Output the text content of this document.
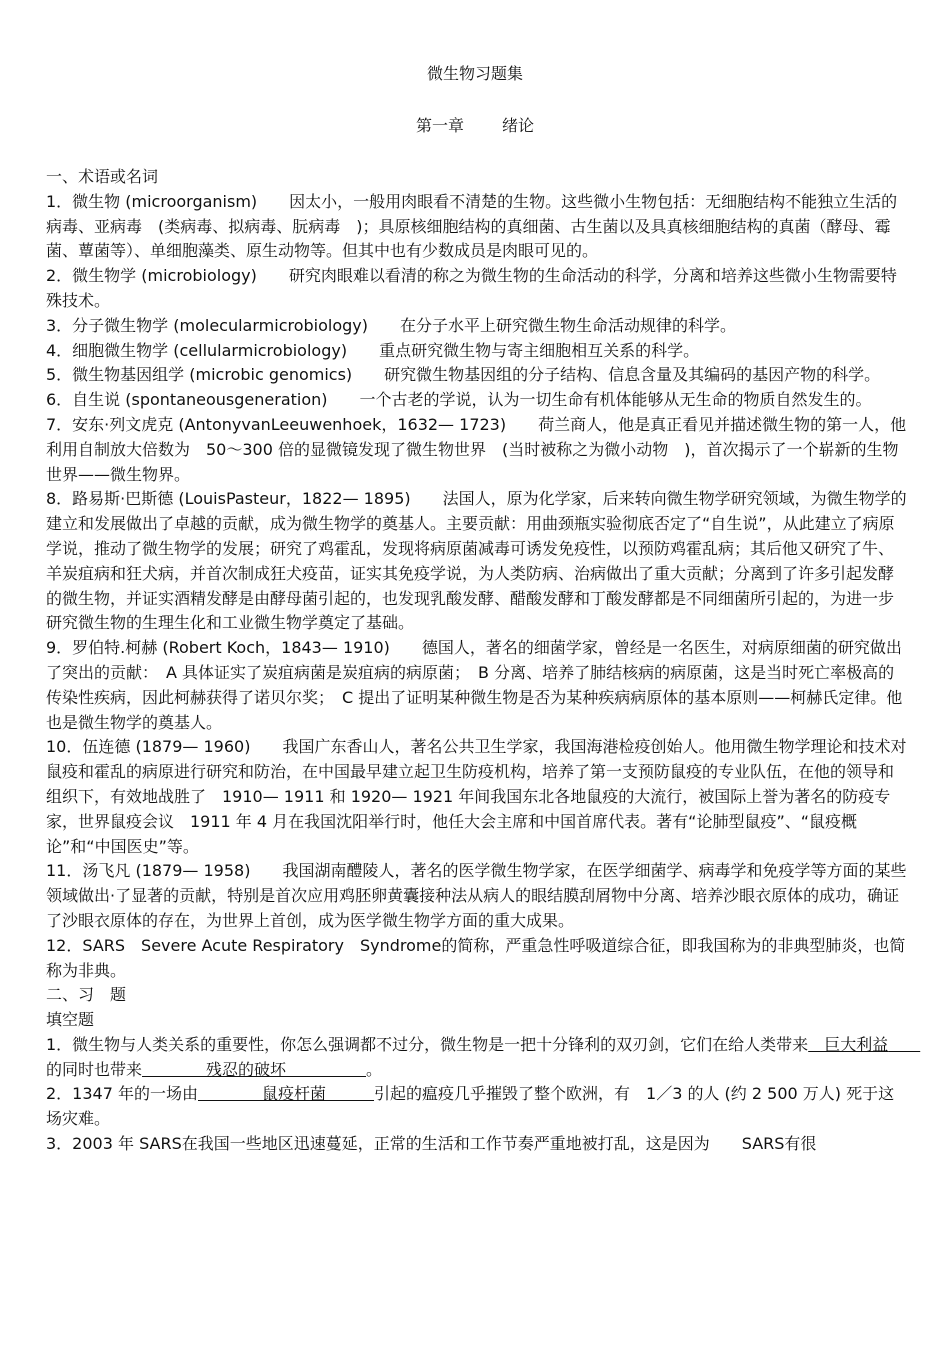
微生物习题集
第一章 绪论

一、术语或名词

1．微生物 (microorganism)　　因太小，一般用肉眼看不清楚的生物。这些微小生物包括：无细胞结构不能独立生活的病毒、亚病毒　(类病毒、拟病毒、朊病毒　)；具原核细胞结构的真细菌、古生菌以及具真核细胞结构的真菌（酵母、霉菌、蕈菌等）、单细胞藻类、原生动物等。但其中也有少数成员是肉眼可见的。

2．微生物学 (microbiology)　　研究肉眼难以看清的称之为微生物的生命活动的科学，分离和培养这些微小生物需要特殊技术。

3．分子微生物学 (molecularmicrobiology)　　在分子水平上研究微生物生命活动规律的科学。

4．细胞微生物学 (cellularmicrobiology)　　重点研究微生物与寄主细胞相互关系的科学。

5．微生物基因组学 (microbic genomics)　　研究微生物基因组的分子结构、信息含量及其编码的基因产物的科学。

6．自生说 (spontaneousgeneration)　　一个古老的学说，认为一切生命有机体能够从无生命的物质自然发生的。

7．安东·列文虎克 (AntonyvanLeeuwenhoek，1632— 1723)　　荷兰商人，他是真正看见并描述微生物的第一人，他利用自制放大倍数为　50～300 倍的显微镜发现了微生物世界　(当时被称之为微小动物　)，首次揭示了一个崭新的生物世界——微生物界。

8．路易斯·巴斯德 (LouisPasteur，1822— 1895)　　法国人，原为化学家，后来转向微生物学研究领域，为微生物学的建立和发展做出了卓越的贡献，成为微生物学的奠基人。主要贡献：用曲颈瓶实验彻底否定了“自生说”，从此建立了病原学说，推动了微生物学的发展；研究了鸡霍乱，发现将病原菌减毒可诱发免疫性，以预防鸡霍乱病；其后他又研究了牛、羊炭疽病和狂犬病，并首次制成狂犬疫苗，证实其免疫学说，为人类防病、治病做出了重大贡献；分离到了许多引起发酵的微生物，并证实酒精发酵是由酵母菌引起的，也发现乳酸发酵、醋酸发酵和丁酸发酵都是不同细菌所引起的，为进一步研究微生物的生理生化和工业微生物学奠定了基础。

9．罗伯特.柯赫 (Robert Koch，1843— 1910)　　德国人，著名的细菌学家，曾经是一名医生，对病原细菌的研究做出了突出的贡献：　A 具体证实了炭疽病菌是炭疽病的病原菌；　B 分离、培养了肺结核病的病原菌，这是当时死亡率极高的传染性疾病，因此柯赫获得了诺贝尔奖；　C 提出了证明某种微生物是否为某种疾病病原体的基本原则——柯赫氏定律。他也是微生物学的奠基人。

10．伍连德 (1879— 1960)　　我国广东香山人，著名公共卫生学家，我国海港检疫创始人。他用微生物学理论和技术对鼠疫和霍乱的病原进行研究和防治，在中国最早建立起卫生防疫机构，培养了第一支预防鼠疫的专业队伍，在他的领导和组织下，有效地战胜了　1910— 1911 和 1920— 1921 年间我国东北各地鼠疫的大流行，被国际上誉为著名的防疫专家，世界鼠疫会议　1911 年 4 月在我国沈阳举行时，他任大会主席和中国首席代表。著有“论肺型鼠疫”、“鼠疫概论”和“中国医史”等。

11．汤飞凡 (1879— 1958)　　我国湖南醴陵人，著名的医学微生物学家，在医学细菌学、病毒学和免疫学等方面的某些领域做出·了显著的贡献，特别是首次应用鸡胚卵黄囊接种法从病人的眼结膜刮屑物中分离、培养沙眼衣原体的成功，确证了沙眼衣原体的存在，为世界上首创，成为医学微生物学方面的重大成果。

12．SARS　Severe Acute Respiratory　Syndrome的简称，严重急性呼吸道综合征，即我国称为的非典型肺炎，也简称为非典。

二、习　题

填空题

1．微生物与人类关系的重要性，你怎么强调都不过分，微生物是一把十分锋利的双刃剑，它们在给人类带来　巨大利益　　的同时也带来　　　　残忍的破坏　　　　　。

2．1347 年的一场由　　　　鼠疫杆菌　　　引起的瘟疫几乎摧毁了整个欧洲，有　1／3 的人 (约 2 500 万人) 死于这场灾难。

3．2003 年 SARS在我国一些地区迅速蔓延，正常的生活和工作节奏严重地被打乱，这是因为　　SARS有很
